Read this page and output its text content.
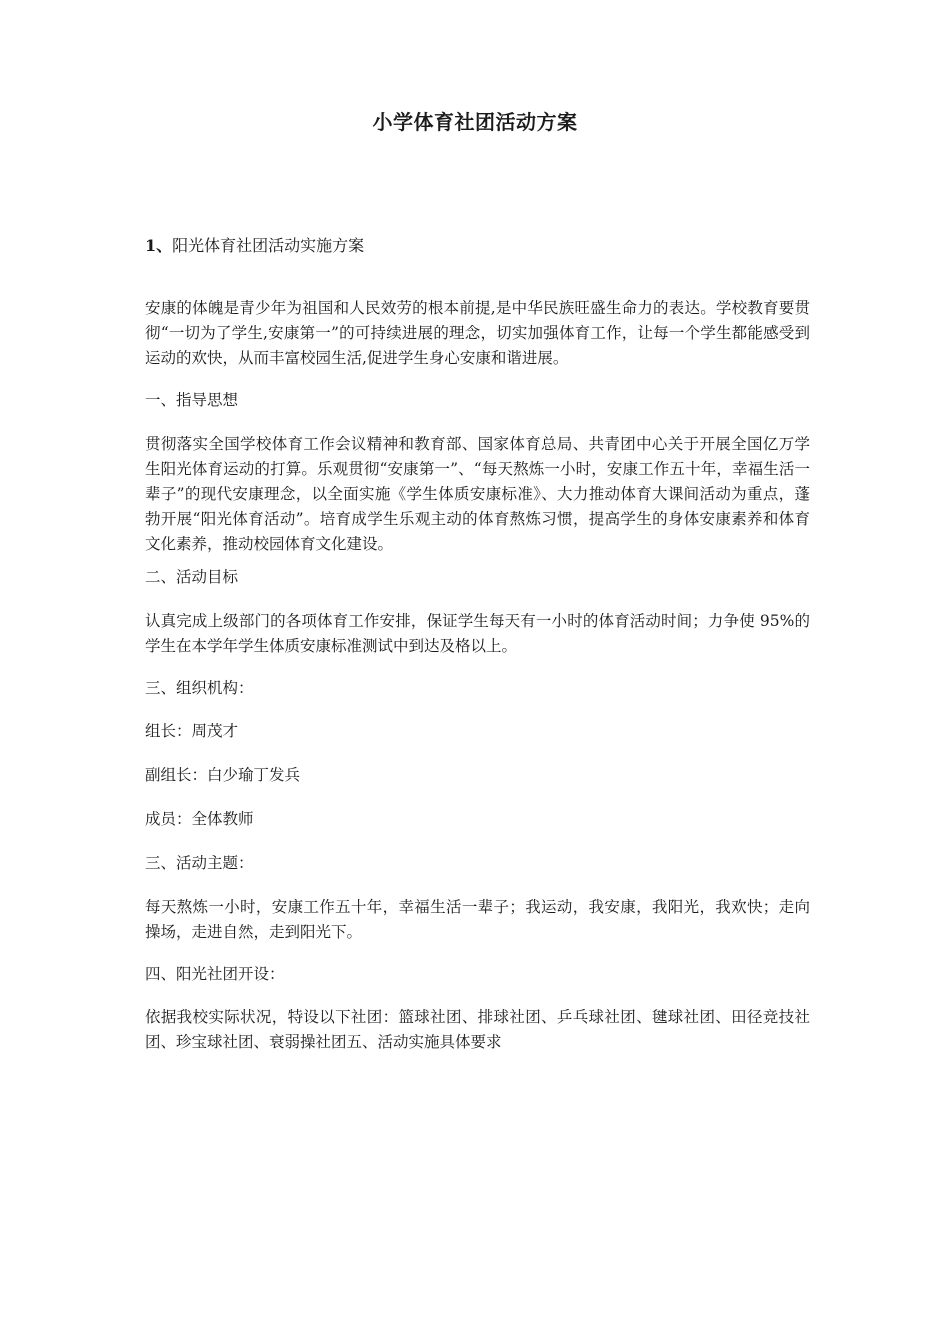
小学体育社团活动方案
1、阳光体育社团活动实施方案

安康的体魄是青少年为祖国和人民效劳的根本前提,是中华民族旺盛生命力的表达。学校教育要贯彻“一切为了学生,安康第一”的可持续进展的理念，切实加强体育工作，让每一个学生都能感受到运动的欢快，从而丰富校园生活,促进学生身心安康和谐进展。

一、指导思想

贯彻落实全国学校体育工作会议精神和教育部、国家体育总局、共青团中心关于开展全国亿万学生阳光体育运动的打算。乐观贯彻“安康第一”、“每天熬炼一小时，安康工作五十年，幸福生活一辈子”的现代安康理念，以全面实施《学生体质安康标准》、大力推动体育大课间活动为重点，蓬勃开展“阳光体育活动”。培育成学生乐观主动的体育熬炼习惯，提高学生的身体安康素养和体育文化素养，推动校园体育文化建设。

二、活动目标

认真完成上级部门的各项体育工作安排，保证学生每天有一小时的体育活动时间；力争使 95%的学生在本学年学生体质安康标准测试中到达及格以上。

三、组织机构：

组长：周茂才

副组长：白少瑜丁发兵

成员：全体教师

三、活动主题：

每天熬炼一小时，安康工作五十年，幸福生活一辈子；我运动，我安康，我阳光，我欢快；走向操场，走进自然，走到阳光下。

四、阳光社团开设：

依据我校实际状况，特设以下社团：篮球社团、排球社团、乒乓球社团、毽球社团、田径竞技社团、珍宝球社团、衰弱操社团五、活动实施具体要求
